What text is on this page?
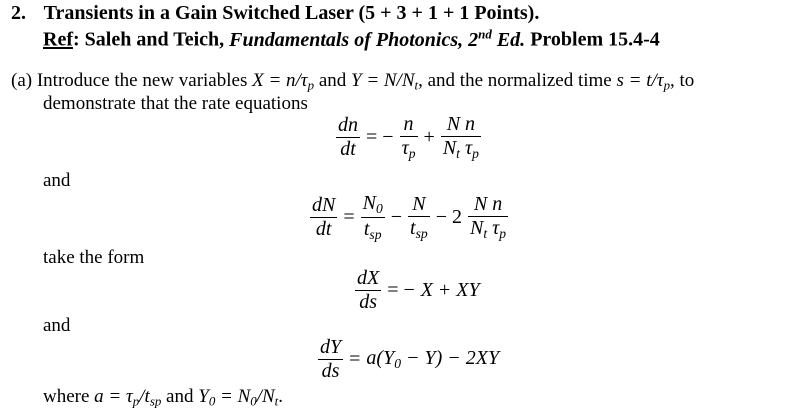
2. Transients in a Gain Switched Laser (5 + 3 + 1 + 1 Points).
Ref: Saleh and Teich, Fundamentals of Photonics, 2nd Ed. Problem 15.4-4
(a) Introduce the new variables $X = n/\tau_p$ and $Y = N/N_t$, and the normalized time $s = t/\tau_p$, to
demonstrate that the rate equations
$\frac{dn}{dt}$ = − $\frac{n}{\tau_p} + \frac{\text{N n}}{N_t \tau_p}$
and
$\frac{dN}{dt} = \frac{N_0}{t_{sp}} - \frac{N}{t_{sp}} - 2 \frac{\text{N n}}{N_t \tau_p}$
take the form
$\frac{dX}{ds}$ = − X + XY
and
$\frac{dY}{ds} = a(Y_0 - Y) - 2XY$
where $a = \tau_p/t_{sp}$ and $Y_0 = N_0/N_t$.
